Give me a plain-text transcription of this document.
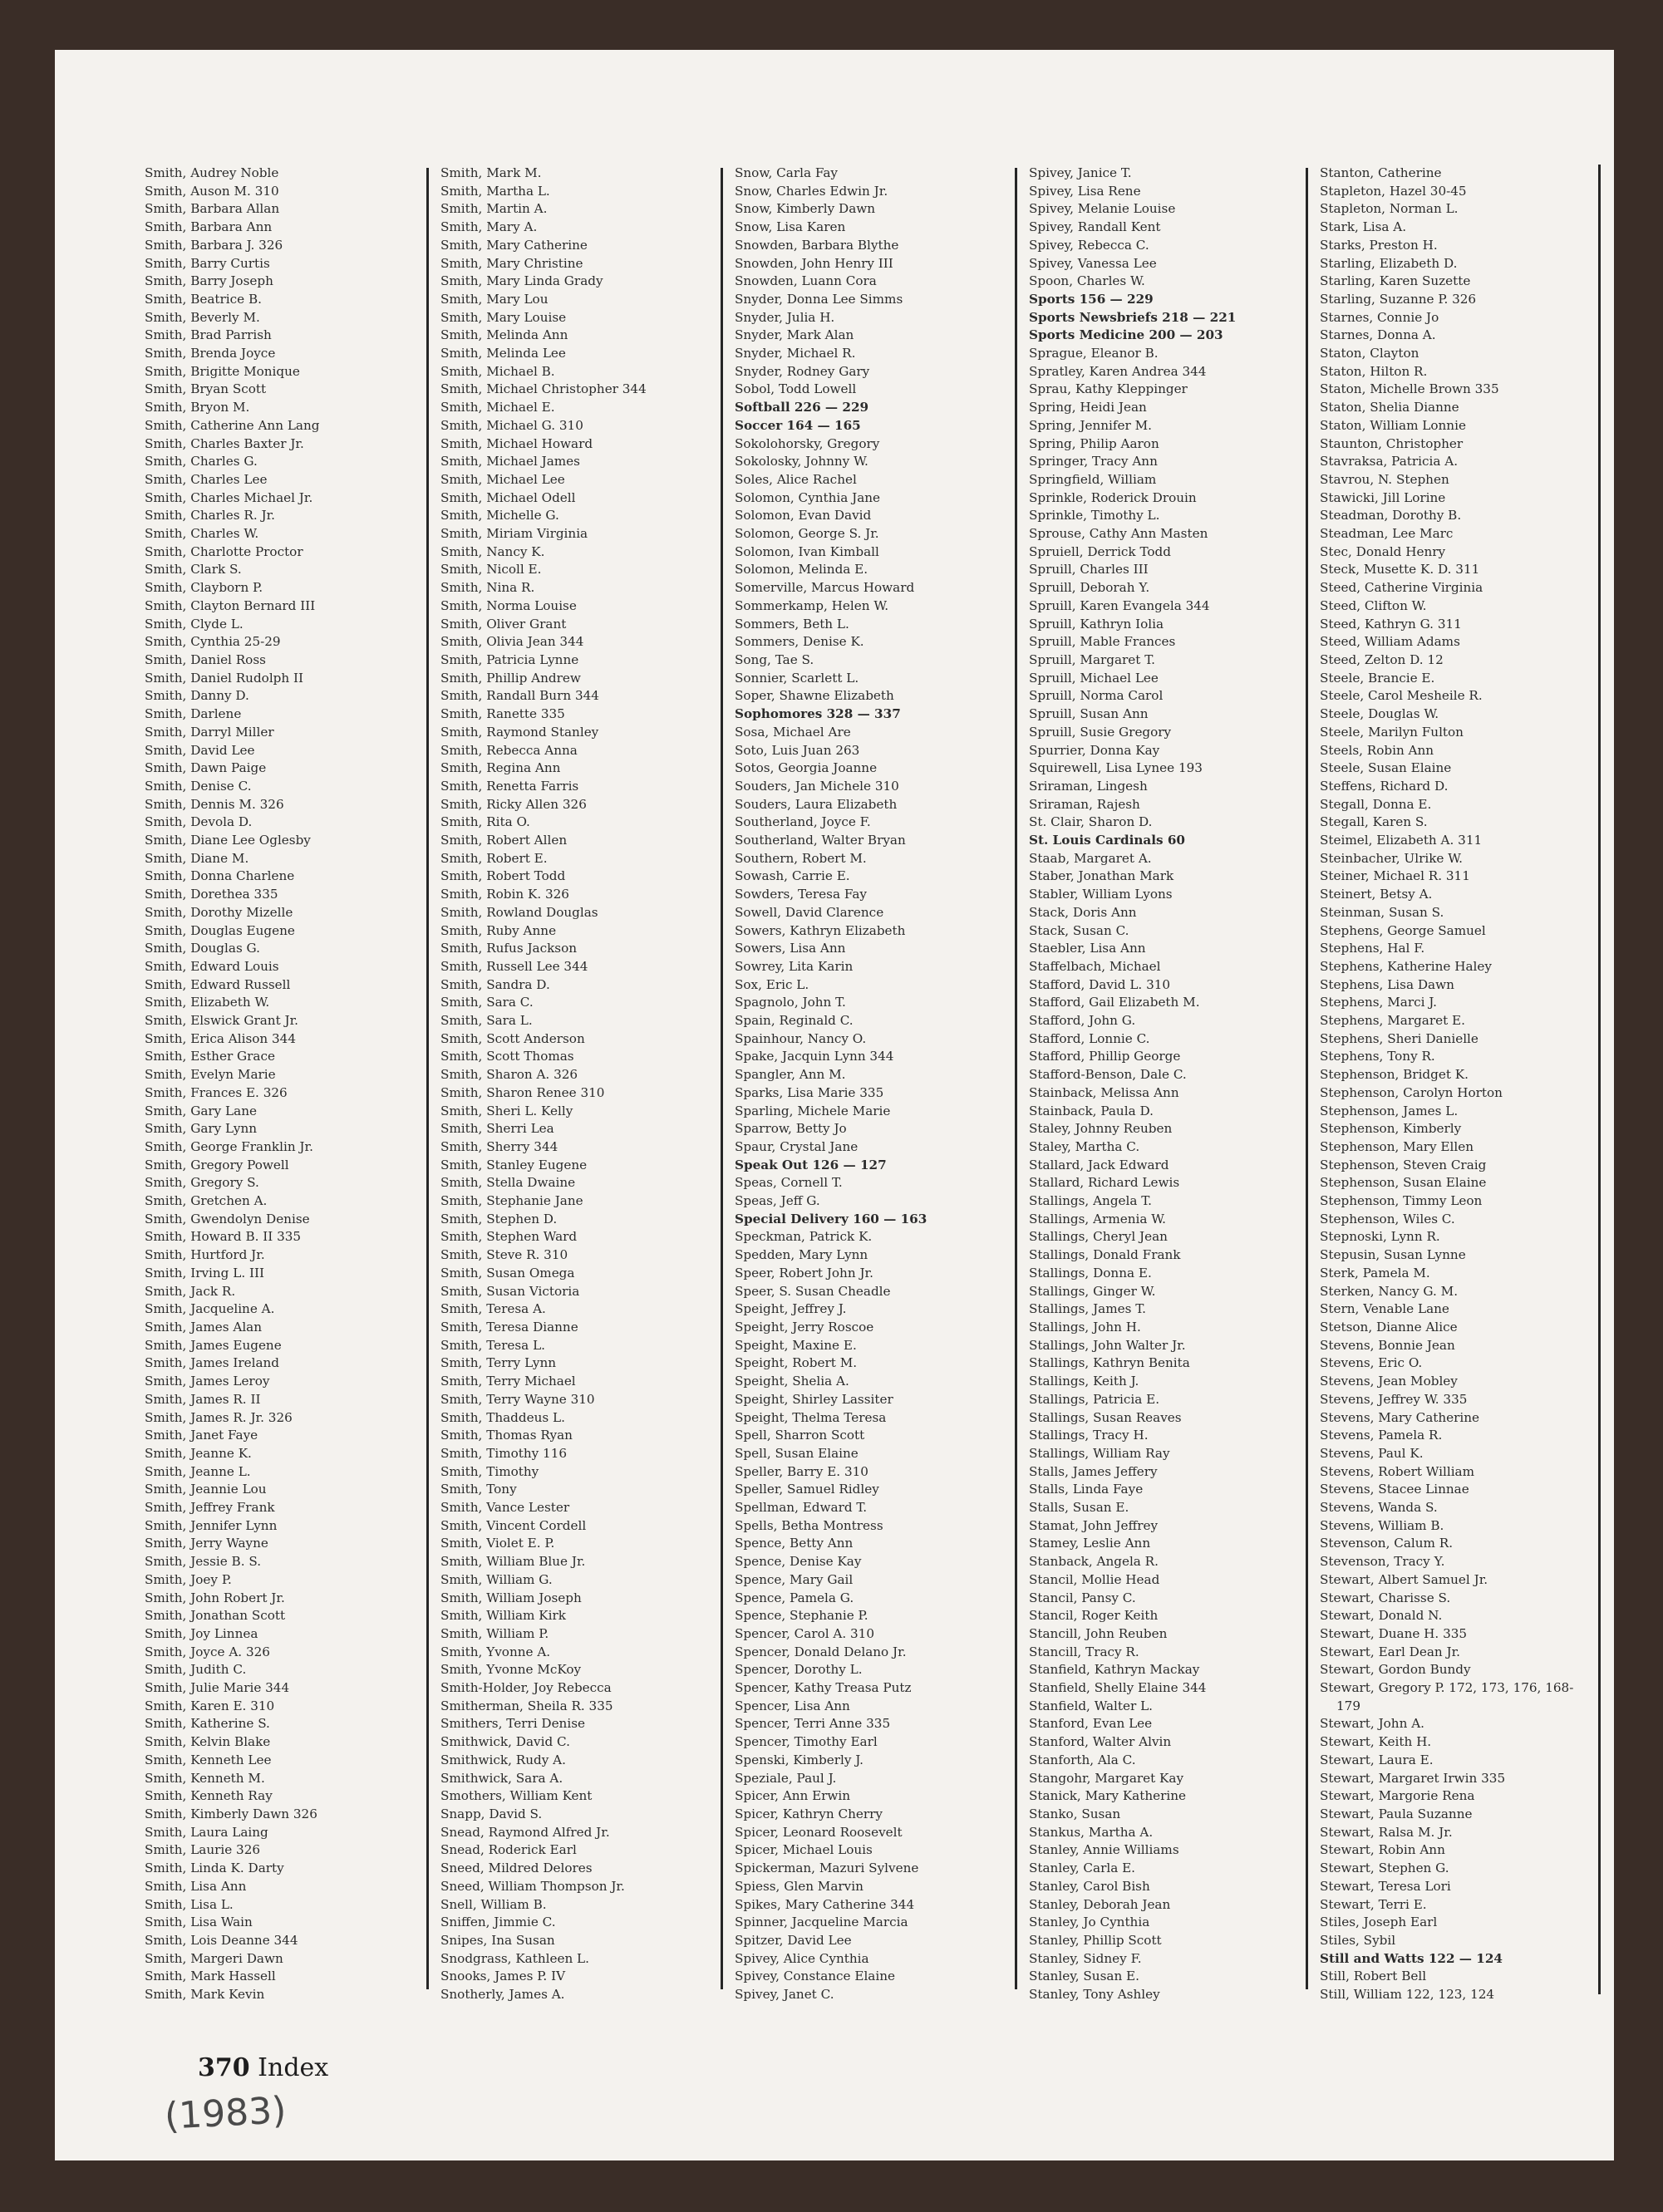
Smith, Audrey Noble
Smith, Auson M. 310
Smith, Barbara Allan
Smith, Barbara Ann
Smith, Barbara J. 326
Smith, Barry Curtis
Smith, Barry Joseph
Smith, Beatrice B.
Smith, Beverly M.
Smith, Brad Parrish
Smith, Brenda Joyce
Smith, Brigitte Monique
Smith, Bryan Scott
Smith, Bryon M.
Smith, Catherine Ann Lang
Smith, Charles Baxter Jr.
Smith, Charles G.
Smith, Charles Lee
Smith, Charles Michael Jr.
Smith, Charles R. Jr.
Smith, Charles W.
Smith, Charlotte Proctor
Smith, Clark S.
Smith, Clayborn P.
Smith, Clayton Bernard III
Smith, Clyde L.
Smith, Cynthia 25-29
Smith, Daniel Ross
Smith, Daniel Rudolph II
Smith, Danny D.
Smith, Darlene
Smith, Darryl Miller
Smith, David Lee
Smith, Dawn Paige
Smith, Denise C.
Smith, Dennis M. 326
Smith, Devola D.
Smith, Diane Lee Oglesby
Smith, Diane M.
Smith, Donna Charlene
Smith, Dorethea 335
Smith, Dorothy Mizelle
Smith, Douglas Eugene
Smith, Douglas G.
Smith, Edward Louis
Smith, Edward Russell
Smith, Elizabeth W.
Smith, Elswick Grant Jr.
Smith, Erica Alison 344
Smith, Esther Grace
Smith, Evelyn Marie
Smith, Frances E. 326
Smith, Gary Lane
Smith, Gary Lynn
Smith, George Franklin Jr.
Smith, Gregory Powell
Smith, Gregory S.
Smith, Gretchen A.
Smith, Gwendolyn Denise
Smith, Howard B. II 335
Smith, Hurtford Jr.
Smith, Irving L. III
Smith, Jack R.
Smith, Jacqueline A.
Smith, James Alan
Smith, James Eugene
Smith, James Ireland
Smith, James Leroy
Smith, James R. II
Smith, James R. Jr. 326
Smith, Janet Faye
Smith, Jeanne K.
Smith, Jeanne L.
Smith, Jeannie Lou
Smith, Jeffrey Frank
Smith, Jennifer Lynn
Smith, Jerry Wayne
Smith, Jessie B. S.
Smith, Joey P.
Smith, John Robert Jr.
Smith, Jonathan Scott
Smith, Joy Linnea
Smith, Joyce A. 326
Smith, Judith C.
Smith, Julie Marie 344
Smith, Karen E. 310
Smith, Katherine S.
Smith, Kelvin Blake
Smith, Kenneth Lee
Smith, Kenneth M.
Smith, Kenneth Ray
Smith, Kimberly Dawn 326
Smith, Laura Laing
Smith, Laurie 326
Smith, Linda K. Darty
Smith, Lisa Ann
Smith, Lisa L.
Smith, Lisa Wain
Smith, Lois Deanne 344
Smith, Margeri Dawn
Smith, Mark Hassell
Smith, Mark Kevin
Smith, Mark M.
Smith, Martha L.
Smith, Martin A.
Smith, Mary A.
Smith, Mary Catherine
Smith, Mary Christine
Smith, Mary Linda Grady
Smith, Mary Lou
Smith, Mary Louise
Smith, Melinda Ann
Smith, Melinda Lee
Smith, Michael B.
Smith, Michael Christopher 344
Smith, Michael E.
Smith, Michael G. 310
Smith, Michael Howard
Smith, Michael James
Smith, Michael Lee
Smith, Michael Odell
Smith, Michelle G.
Smith, Miriam Virginia
Smith, Nancy K.
Smith, Nicoll E.
Smith, Nina R.
Smith, Norma Louise
Smith, Oliver Grant
Smith, Olivia Jean 344
Smith, Patricia Lynne
Smith, Phillip Andrew
Smith, Randall Burn 344
Smith, Ranette 335
Smith, Raymond Stanley
Smith, Rebecca Anna
Smith, Regina Ann
Smith, Renetta Farris
Smith, Ricky Allen 326
Smith, Rita O.
Smith, Robert Allen
Smith, Robert E.
Smith, Robert Todd
Smith, Robin K. 326
Smith, Rowland Douglas
Smith, Ruby Anne
Smith, Rufus Jackson
Smith, Russell Lee 344
Smith, Sandra D.
Smith, Sara C.
Smith, Sara L.
Smith, Scott Anderson
Smith, Scott Thomas
Smith, Sharon A. 326
Smith, Sharon Renee 310
Smith, Sheri L. Kelly
Smith, Sherri Lea
Smith, Sherry 344
Smith, Stanley Eugene
Smith, Stella Dwaine
Smith, Stephanie Jane
Smith, Stephen D.
Smith, Stephen Ward
Smith, Steve R. 310
Smith, Susan Omega
Smith, Susan Victoria
Smith, Teresa A.
Smith, Teresa Dianne
Smith, Teresa L.
Smith, Terry Lynn
Smith, Terry Michael
Smith, Terry Wayne 310
Smith, Thaddeus L.
Smith, Thomas Ryan
Smith, Timothy 116
Smith, Timothy
Smith, Tony
Smith, Vance Lester
Smith, Vincent Cordell
Smith, Violet E. P.
Smith, William Blue Jr.
Smith, William G.
Smith, William Joseph
Smith, William Kirk
Smith, William P.
Smith, Yvonne A.
Smith, Yvonne McKoy
Smith-Holder, Joy Rebecca
Smitherman, Sheila R. 335
Smithers, Terri Denise
Smithwick, David C.
Smithwick, Rudy A.
Smithwick, Sara A.
Smothers, William Kent
Snapp, David S.
Snead, Raymond Alfred Jr.
Snead, Roderick Earl
Sneed, Mildred Delores
Sneed, William Thompson Jr.
Snell, William B.
Sniffen, Jimmie C.
Snipes, Ina Susan
Snodgrass, Kathleen L.
Snooks, James P. IV
Snotherly, James A.
Snow, Carla Fay
Snow, Charles Edwin Jr.
Snow, Kimberly Dawn
Snow, Lisa Karen
Snowden, Barbara Blythe
Snowden, John Henry III
Snowden, Luann Cora
Snyder, Donna Lee Simms
Snyder, Julia H.
Snyder, Mark Alan
Snyder, Michael R.
Snyder, Rodney Gary
Sobol, Todd Lowell
Softball 226 — 229
Soccer 164 — 165
Sokolohorsky, Gregory
Sokolosky, Johnny W.
Soles, Alice Rachel
Solomon, Cynthia Jane
Solomon, Evan David
Solomon, George S. Jr.
Solomon, Ivan Kimball
Solomon, Melinda E.
Somerville, Marcus Howard
Sommerkamp, Helen W.
Sommers, Beth L.
Sommers, Denise K.
Song, Tae S.
Sonnier, Scarlett L.
Soper, Shawne Elizabeth
Sophomores 328 — 337
Sosa, Michael Are
Soto, Luis Juan 263
Sotos, Georgia Joanne
Souders, Jan Michele 310
Souders, Laura Elizabeth
Southerland, Joyce F.
Southerland, Walter Bryan
Southern, Robert M.
Sowash, Carrie E.
Sowders, Teresa Fay
Sowell, David Clarence
Sowers, Kathryn Elizabeth
Sowers, Lisa Ann
Sowrey, Lita Karin
Sox, Eric L.
Spagnolo, John T.
Spain, Reginald C.
Spainhour, Nancy O.
Spake, Jacquin Lynn 344
Spangler, Ann M.
Sparks, Lisa Marie 335
Sparling, Michele Marie
Sparrow, Betty Jo
Spaur, Crystal Jane
Speak Out 126 — 127
Speas, Cornell T.
Speas, Jeff G.
Special Delivery 160 — 163
Speckman, Patrick K.
Spedden, Mary Lynn
Speer, Robert John Jr.
Speer, S. Susan Cheadle
Speight, Jeffrey J.
Speight, Jerry Roscoe
Speight, Maxine E.
Speight, Robert M.
Speight, Shelia A.
Speight, Shirley Lassiter
Speight, Thelma Teresa
Spell, Sharron Scott
Spell, Susan Elaine
Speller, Barry E. 310
Speller, Samuel Ridley
Spellman, Edward T.
Spells, Betha Montress
Spence, Betty Ann
Spence, Denise Kay
Spence, Mary Gail
Spence, Pamela G.
Spence, Stephanie P.
Spencer, Carol A. 310
Spencer, Donald Delano Jr.
Spencer, Dorothy L.
Spencer, Kathy Treasa Putz
Spencer, Lisa Ann
Spencer, Terri Anne 335
Spencer, Timothy Earl
Spenski, Kimberly J.
Speziale, Paul J.
Spicer, Ann Erwin
Spicer, Kathryn Cherry
Spicer, Leonard Roosevelt
Spicer, Michael Louis
Spickerman, Mazuri Sylvene
Spiess, Glen Marvin
Spikes, Mary Catherine 344
Spinner, Jacqueline Marcia
Spitzer, David Lee
Spivey, Alice Cynthia
Spivey, Constance Elaine
Spivey, Janet C.
Spivey, Janice T.
Spivey, Lisa Rene
Spivey, Melanie Louise
Spivey, Randall Kent
Spivey, Rebecca C.
Spivey, Vanessa Lee
Spoon, Charles W.
Sports 156 — 229
Sports Newsbriefs 218 — 221
Sports Medicine 200 — 203
Sprague, Eleanor B.
Spratley, Karen Andrea 344
Sprau, Kathy Kleppinger
Spring, Heidi Jean
Spring, Jennifer M.
Spring, Philip Aaron
Springer, Tracy Ann
Springfield, William
Sprinkle, Roderick Drouin
Sprinkle, Timothy L.
Sprouse, Cathy Ann Masten
Spruiell, Derrick Todd
Spruill, Charles III
Spruill, Deborah Y.
Spruill, Karen Evangela 344
Spruill, Kathryn Iolia
Spruill, Mable Frances
Spruill, Margaret T.
Spruill, Michael Lee
Spruill, Norma Carol
Spruill, Susan Ann
Spruill, Susie Gregory
Spurrier, Donna Kay
Squirewell, Lisa Lynee 193
Sriraman, Lingesh
Sriraman, Rajesh
St. Clair, Sharon D.
St. Louis Cardinals 60
Staab, Margaret A.
Staber, Jonathan Mark
Stabler, William Lyons
Stack, Doris Ann
Stack, Susan C.
Staebler, Lisa Ann
Staffelbach, Michael
Stafford, David L. 310
Stafford, Gail Elizabeth M.
Stafford, John G.
Stafford, Lonnie C.
Stafford, Phillip George
Stafford-Benson, Dale C.
Stainback, Melissa Ann
Stainback, Paula D.
Staley, Johnny Reuben
Staley, Martha C.
Stallard, Jack Edward
Stallard, Richard Lewis
Stallings, Angela T.
Stallings, Armenia W.
Stallings, Cheryl Jean
Stallings, Donald Frank
Stallings, Donna E.
Stallings, Ginger W.
Stallings, James T.
Stallings, John H.
Stallings, John Walter Jr.
Stallings, Kathryn Benita
Stallings, Keith J.
Stallings, Patricia E.
Stallings, Susan Reaves
Stallings, Tracy H.
Stallings, William Ray
Stalls, James Jeffery
Stalls, Linda Faye
Stalls, Susan E.
Stamat, John Jeffrey
Stamey, Leslie Ann
Stanback, Angela R.
Stancil, Mollie Head
Stancil, Pansy C.
Stancil, Roger Keith
Stancill, John Reuben
Stancill, Tracy R.
Stanfield, Kathryn Mackay
Stanfield, Shelly Elaine 344
Stanfield, Walter L.
Stanford, Evan Lee
Stanford, Walter Alvin
Stanforth, Ala C.
Stangohr, Margaret Kay
Stanick, Mary Katherine
Stanko, Susan
Stankus, Martha A.
Stanley, Annie Williams
Stanley, Carla E.
Stanley, Carol Bish
Stanley, Deborah Jean
Stanley, Jo Cynthia
Stanley, Phillip Scott
Stanley, Sidney F.
Stanley, Susan E.
Stanley, Tony Ashley
Stanton, Catherine
Stapleton, Hazel 30-45
Stapleton, Norman L.
Stark, Lisa A.
Starks, Preston H.
Starling, Elizabeth D.
Starling, Karen Suzette
Starling, Suzanne P. 326
Starnes, Connie Jo
Starnes, Donna A.
Staton, Clayton
Staton, Hilton R.
Staton, Michelle Brown 335
Staton, Shelia Dianne
Staton, William Lonnie
Staunton, Christopher
Stavraksa, Patricia A.
Stavrou, N. Stephen
Stawicki, Jill Lorine
Steadman, Dorothy B.
Steadman, Lee Marc
Stec, Donald Henry
Steck, Musette K. D. 311
Steed, Catherine Virginia
Steed, Clifton W.
Steed, Kathryn G. 311
Steed, William Adams
Steed, Zelton D. 12
Steele, Brancie E.
Steele, Carol Mesheile R.
Steele, Douglas W.
Steele, Marilyn Fulton
Steels, Robin Ann
Steele, Susan Elaine
Steffens, Richard D.
Stegall, Donna E.
Stegall, Karen S.
Steimel, Elizabeth A. 311
Steinbacher, Ulrike W.
Steiner, Michael R. 311
Steinert, Betsy A.
Steinman, Susan S.
Stephens, George Samuel
Stephens, Hal F.
Stephens, Katherine Haley
Stephens, Lisa Dawn
Stephens, Marci J.
Stephens, Margaret E.
Stephens, Sheri Danielle
Stephens, Tony R.
Stephenson, Bridget K.
Stephenson, Carolyn Horton
Stephenson, James L.
Stephenson, Kimberly
Stephenson, Mary Ellen
Stephenson, Steven Craig
Stephenson, Susan Elaine
Stephenson, Timmy Leon
Stephenson, Wiles C.
Stepnoski, Lynn R.
Stepusin, Susan Lynne
Sterk, Pamela M.
Sterken, Nancy G. M.
Stern, Venable Lane
Stetson, Dianne Alice
Stevens, Bonnie Jean
Stevens, Eric O.
Stevens, Jean Mobley
Stevens, Jeffrey W. 335
Stevens, Mary Catherine
Stevens, Pamela R.
Stevens, Paul K.
Stevens, Robert William
Stevens, Stacee Linnae
Stevens, Wanda S.
Stevens, William B.
Stevenson, Calum R.
Stevenson, Tracy Y.
Stewart, Albert Samuel Jr.
Stewart, Charisse S.
Stewart, Donald N.
Stewart, Duane H. 335
Stewart, Earl Dean Jr.
Stewart, Gordon Bundy
Stewart, Gregory P. 172, 173, 176, 168-
179
Stewart, John A.
Stewart, Keith H.
Stewart, Laura E.
Stewart, Margaret Irwin 335
Stewart, Margorie Rena
Stewart, Paula Suzanne
Stewart, Ralsa M. Jr.
Stewart, Robin Ann
Stewart, Stephen G.
Stewart, Teresa Lori
Stewart, Terri E.
Stiles, Joseph Earl
Stiles, Sybil
Still and Watts 122 — 124
Still, Robert Bell
Still, William 122, 123, 124
370 Index
(1983)
